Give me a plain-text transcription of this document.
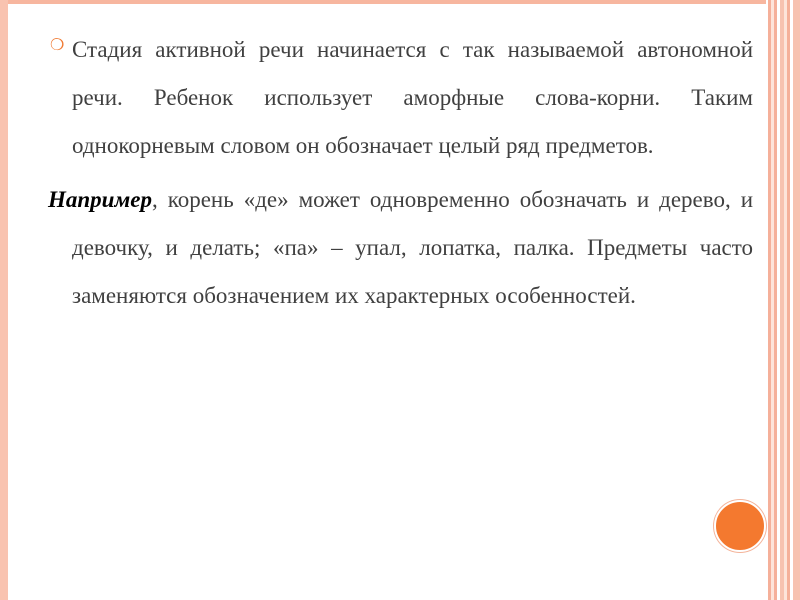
❍ Стадия активной речи начинается с так называемой автономной речи. Ребенок использует аморфные слова-корни. Таким однокорневым словом он обозначает целый ряд предметов.

Например, корень «де» может одновременно обозначать и дерево, и девочку, и делать; «па» – упал, лопатка, палка. Предметы часто заменяются обозначением их характерных особенностей.
